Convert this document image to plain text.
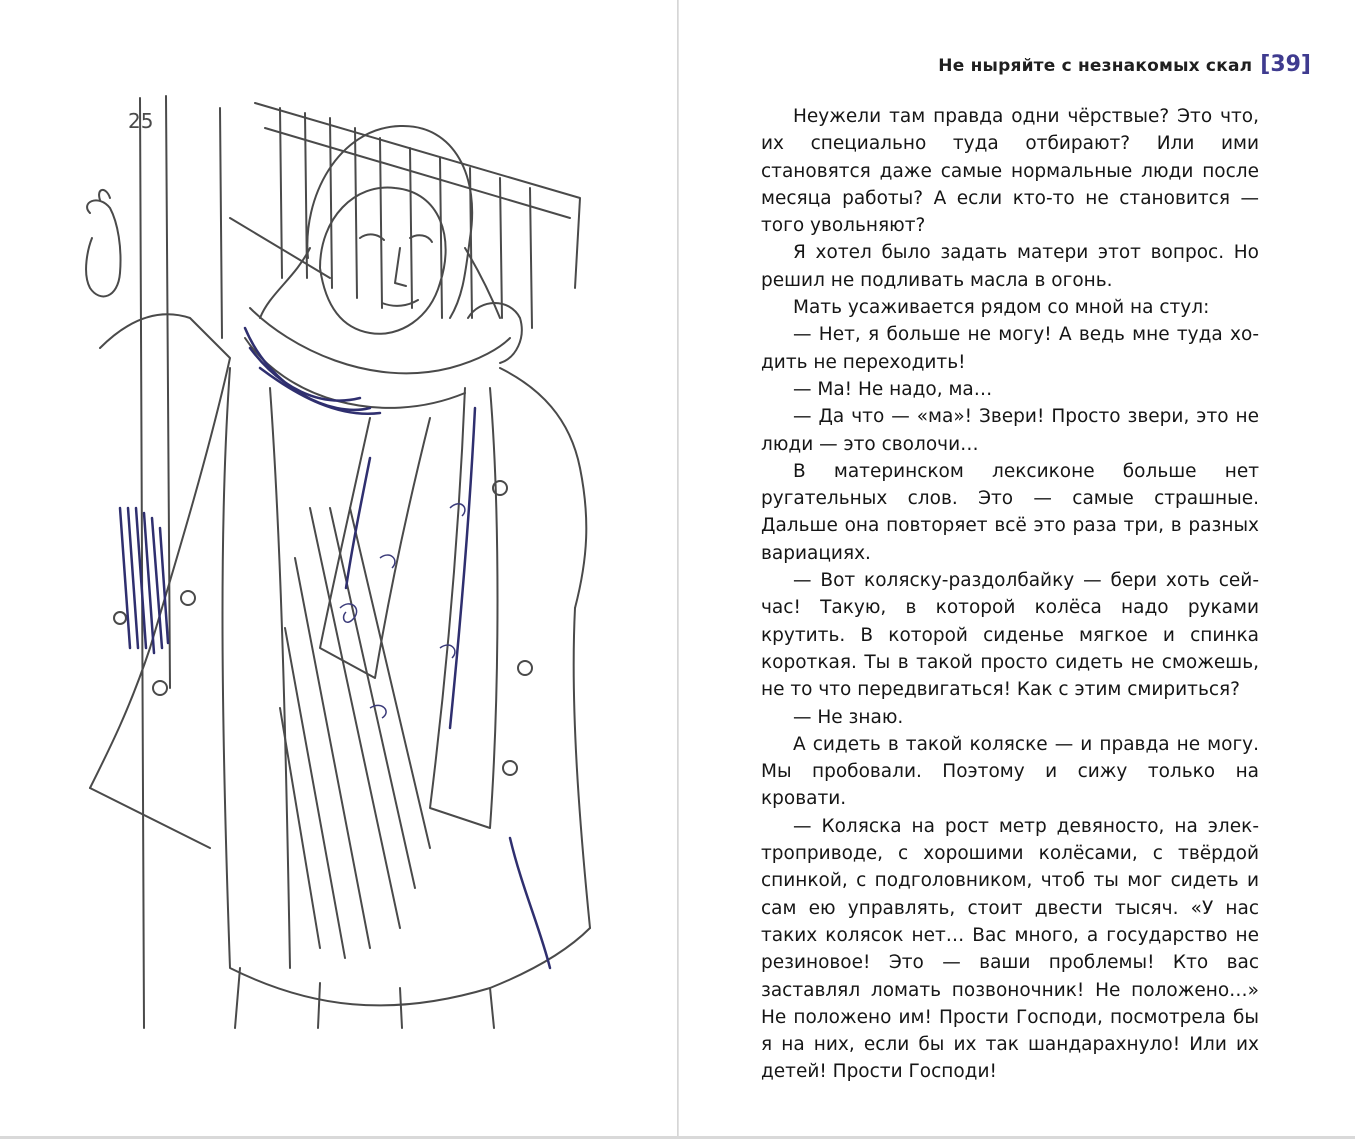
25
Не ныряйте с незнакомых скал [39]

Неужели там правда одни чёрствые? Это что, их специально туда отбирают? Или ими становятся даже самые нормальные люди после месяца работы? А если кто-то не становится — того увольняют?

Я хотел было задать матери этот вопрос. Но решил не подливать масла в огонь.

Мать усаживается рядом со мной на стул:

— Нет, я больше не могу! А ведь мне туда ходить не переходить!

— Ма! Не надо, ма…

— Да что — «ма»! Звери! Просто звери, это не люди — это сволочи…

В материнском лексиконе больше нет ругательных слов. Это — самые страшные. Дальше она повторяет всё это раза три, в разных вариациях.

— Вот коляску-раздолбайку — бери хоть сейчас! Такую, в которой колёса надо руками крутить. В которой сиденье мягкое и спинка короткая. Ты в такой просто сидеть не сможешь, не то что передвигаться! Как с этим смириться?

— Не знаю.

А сидеть в такой коляске — и правда не могу. Мы пробовали. Поэтому и сижу только на кровати.

— Коляска на рост метр девяносто, на электроприводе, с хорошими колёсами, с твёрдой спинкой, с подголовником, чтоб ты мог сидеть и сам ею управлять, стоит двести тысяч. «У нас таких колясок нет… Вас много, а государство не резиновое! Это — ваши проблемы! Кто вас заставлял ломать позвоночник! Не положено…» Не положено им! Прости Господи, посмотрела бы я на них, если бы их так шандарахнуло! Или их детей! Прости Господи!
